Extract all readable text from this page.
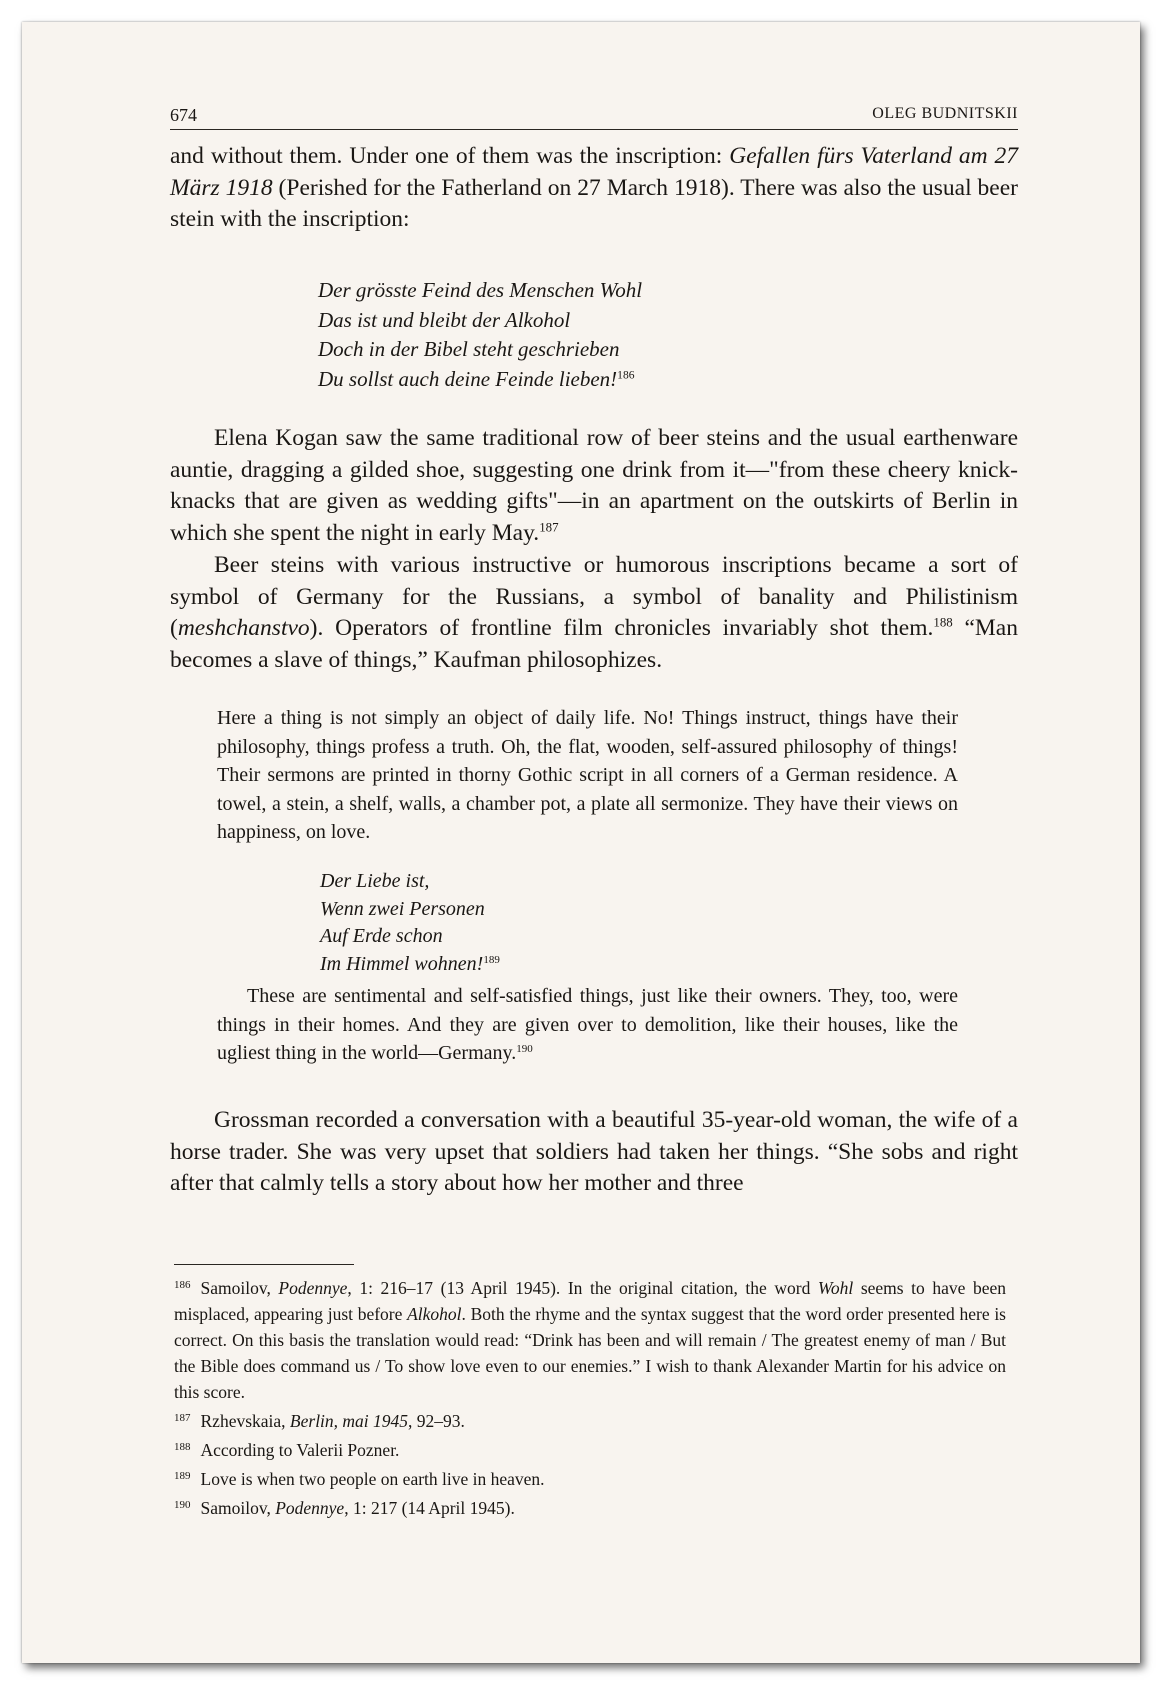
674	OLEG BUDNITSKII

and without them. Under one of them was the inscription: Gefallen fürs Vaterland am 27 März 1918 (Perished for the Fatherland on 27 March 1918). There was also the usual beer stein with the inscription:

Der grösste Feind des Menschen Wohl
Das ist und bleibt der Alkohol
Doch in der Bibel steht geschrieben
Du sollst auch deine Feinde lieben!$^{186}$

Elena Kogan saw the same traditional row of beer steins and the usual earthenware auntie, dragging a gilded shoe, suggesting one drink from it—"from these cheery knick-knacks that are given as wedding gifts"—in an apartment on the outskirts of Berlin in which she spent the night in early May.$^{187}$

Beer steins with various instructive or humorous inscriptions became a sort of symbol of Germany for the Russians, a symbol of banality and Philistinism (meshchanstvo). Operators of frontline film chronicles invariably shot them.$^{188}$ “Man becomes a slave of things,” Kaufman philosophizes.

Here a thing is not simply an object of daily life. No! Things instruct, things have their philosophy, things profess a truth. Oh, the flat, wooden, self-assured philosophy of things! Their sermons are printed in thorny Gothic script in all corners of a German residence. A towel, a stein, a shelf, walls, a chamber pot, a plate all sermonize. They have their views on happiness, on love.

Der Liebe ist,
Wenn zwei Personen
Auf Erde schon
Im Himmel wohnen!$^{189}$

These are sentimental and self-satisfied things, just like their owners. They, too, were things in their homes. And they are given over to demolition, like their houses, like the ugliest thing in the world—Germany.$^{190}$

Grossman recorded a conversation with a beautiful 35-year-old woman, the wife of a horse trader. She was very upset that soldiers had taken her things. “She sobs and right after that calmly tells a story about how her mother and three

$^{186}$ Samoilov, Podennye, 1: 216–17 (13 April 1945). In the original citation, the word Wohl seems to have been misplaced, appearing just before Alkohol. Both the rhyme and the syntax suggest that the word order presented here is correct. On this basis the translation would read: “Drink has been and will remain / The greatest enemy of man / But the Bible does command us / To show love even to our enemies.” I wish to thank Alexander Martin for his advice on this score.

$^{187}$ Rzhevskaia, Berlin, mai 1945, 92–93.

$^{188}$ According to Valerii Pozner.

$^{189}$ Love is when two people on earth live in heaven.

$^{190}$ Samoilov, Podennye, 1: 217 (14 April 1945).
